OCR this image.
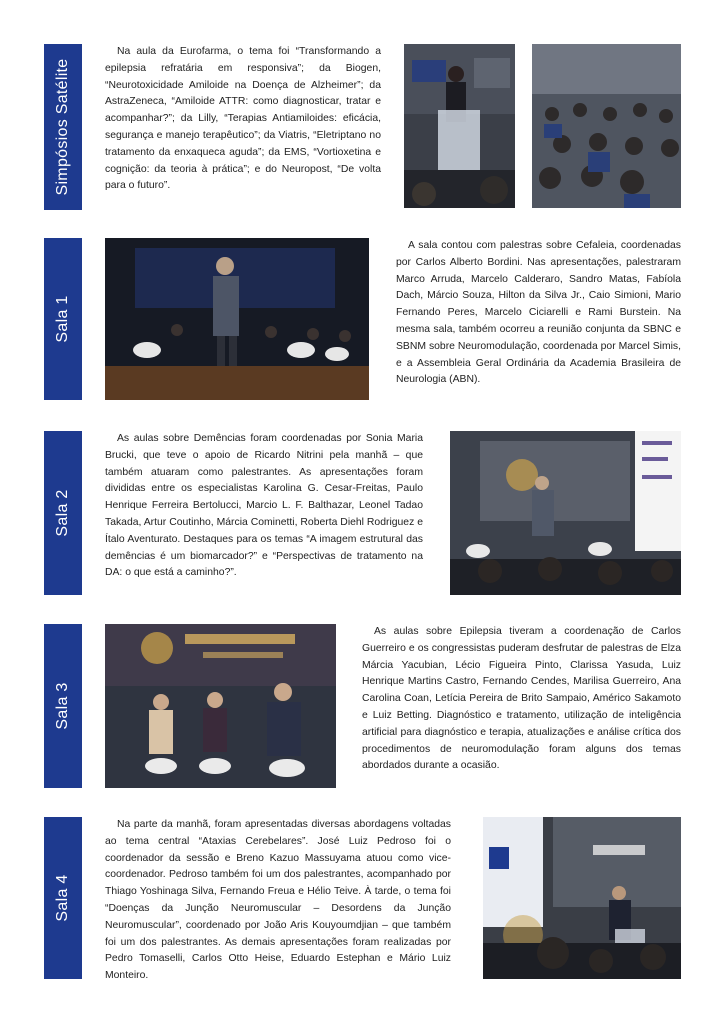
Simpósios Satélite

Na aula da Eurofarma, o tema foi “Transformando a epilepsia refratária em responsiva”; da Biogen, “Neurotoxicidade Amiloide na Doença de Alzheimer”; da AstraZeneca, “Amiloide ATTR: como diagnosticar, tratar e acompanhar?”; da Lilly, “Terapias Antiamiloides: eficácia, segurança e manejo terapêutico”; da Viatris, “Eletriptano no tratamento da enxaqueca aguda”; da EMS, “Vortioxetina e cognição: da teoria à prática”; e do Neuropost, “De volta para o futuro”.

Sala 1

A sala contou com palestras sobre Cefaleia, coordenadas por Carlos Alberto Bordini. Nas apresentações, palestraram Marco Arruda, Marcelo Calderaro, Sandro Matas, Fabíola Dach, Márcio Souza, Hilton da Silva Jr., Caio Simioni, Mario Fernando Peres, Marcelo Ciciarelli e Rami Burstein. Na mesma sala, também ocorreu a reunião conjunta da SBNC e SBNM sobre Neuromodulação, coordenada por Marcel Simis, e a Assembleia Geral Ordinária da Academia Brasileira de Neurologia (ABN).

Sala 2

As aulas sobre Demências foram coordenadas por Sonia Maria Brucki, que teve o apoio de Ricardo Nitrini pela manhã – que também atuaram como palestrantes. As apresentações foram divididas entre os especialistas Karolina G. Cesar-Freitas, Paulo Henrique Ferreira Bertolucci, Marcio L. F. Balthazar, Leonel Tadao Takada, Artur Coutinho, Márcia Cominetti, Roberta Diehl Rodriguez e Ítalo Aventurato. Destaques para os temas “A imagem estrutural das demências é um biomarcador?” e “Perspectivas de tratamento na DA: o que está a caminho?”.

Sala 3

As aulas sobre Epilepsia tiveram a coordenação de Carlos Guerreiro e os congressistas puderam desfrutar de palestras de Elza Márcia Yacubian, Lécio Figueira Pinto, Clarissa Yasuda, Luiz Henrique Martins Castro, Fernando Cendes, Marilisa Guerreiro, Ana Carolina Coan, Letícia Pereira de Brito Sampaio, Américo Sakamoto e Luiz Betting. Diagnóstico e tratamento, utilização de inteligência artificial para diagnóstico e terapia, atualizações e análise crítica dos procedimentos de neuromodulação foram alguns dos temas abordados durante a ocasião.

Sala 4

Na parte da manhã, foram apresentadas diversas abordagens voltadas ao tema central “Ataxias Cerebelares”. José Luiz Pedroso foi o coordenador da sessão e Breno Kazuo Massuyama atuou como vice-coordenador. Pedroso também foi um dos palestrantes, acompanhado por Thiago Yoshinaga Silva, Fernando Freua e Hélio Teive. À tarde, o tema foi “Doenças da Junção Neuromuscular – Desordens da Junção Neuromuscular”, coordenado por João Aris Kouyoumdjian – que também foi um dos palestrantes. As demais apresentações foram realizadas por Pedro Tomaselli, Carlos Otto Heise, Eduardo Estephan e Mário Luiz Monteiro.
